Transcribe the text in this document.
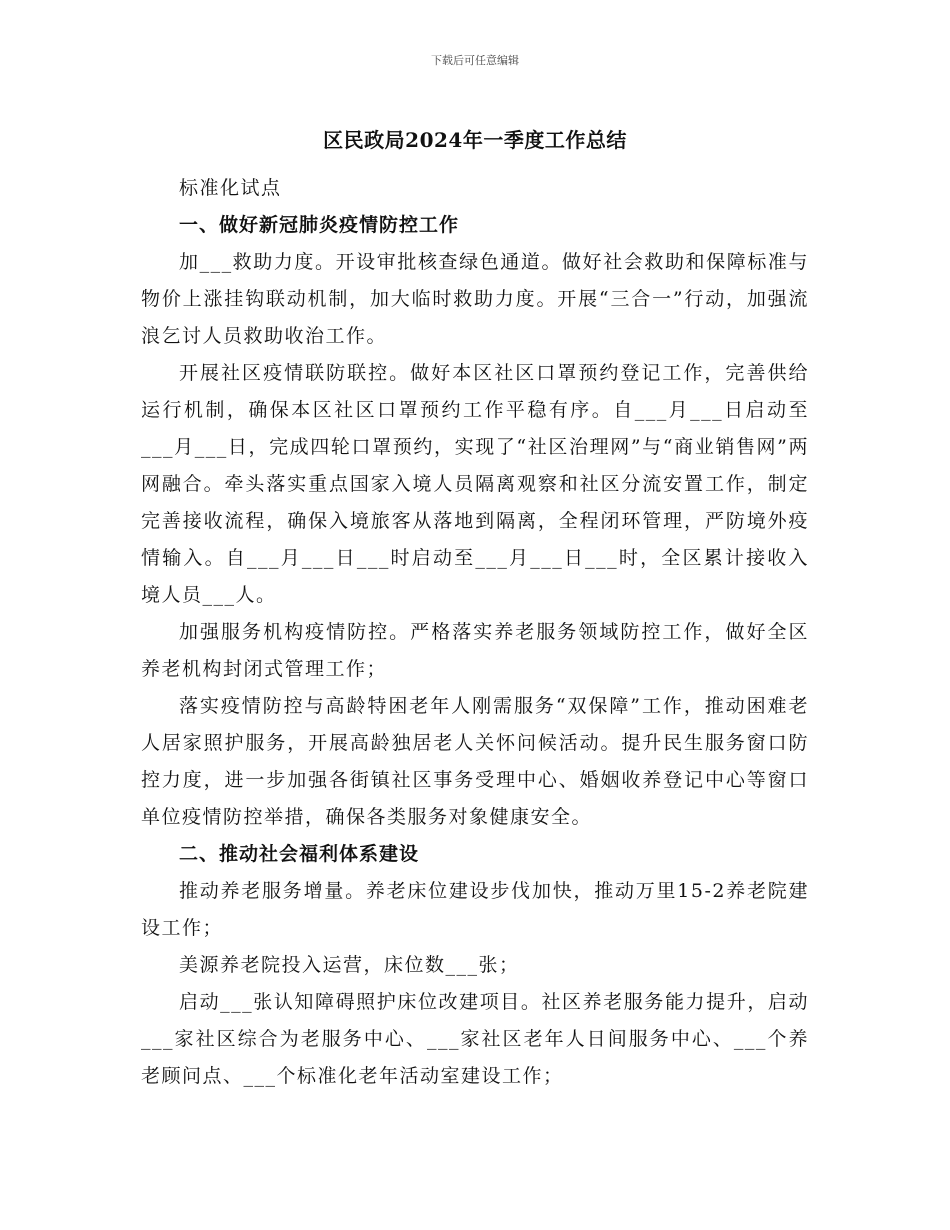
下载后可任意编辑
区民政局2024年一季度工作总结

标准化试点

一、做好新冠肺炎疫情防控工作

加___救助力度。开设审批核查绿色通道。做好社会救助和保障标准与物价上涨挂钩联动机制，加大临时救助力度。开展“三合一”行动，加强流浪乞讨人员救助收治工作。

开展社区疫情联防联控。做好本区社区口罩预约登记工作，完善供给运行机制，确保本区社区口罩预约工作平稳有序。自___月___日启动至___月___日，完成四轮口罩预约，实现了“社区治理网”与“商业销售网”两网融合。牵头落实重点国家入境人员隔离观察和社区分流安置工作，制定完善接收流程，确保入境旅客从落地到隔离，全程闭环管理，严防境外疫情输入。自___月___日___时启动至___月___日___时，全区累计接收入境人员___人。

加强服务机构疫情防控。严格落实养老服务领域防控工作，做好全区养老机构封闭式管理工作；

落实疫情防控与高龄特困老年人刚需服务“双保障”工作，推动困难老人居家照护服务，开展高龄独居老人关怀问候活动。提升民生服务窗口防控力度，进一步加强各街镇社区事务受理中心、婚姻收养登记中心等窗口单位疫情防控举措，确保各类服务对象健康安全。

二、推动社会福利体系建设

推动养老服务增量。养老床位建设步伐加快，推动万里15-2养老院建设工作；

美源养老院投入运营，床位数___张；

启动___张认知障碍照护床位改建项目。社区养老服务能力提升，启动___家社区综合为老服务中心、___家社区老年人日间服务中心、___个养老顾问点、___个标准化老年活动室建设工作；
